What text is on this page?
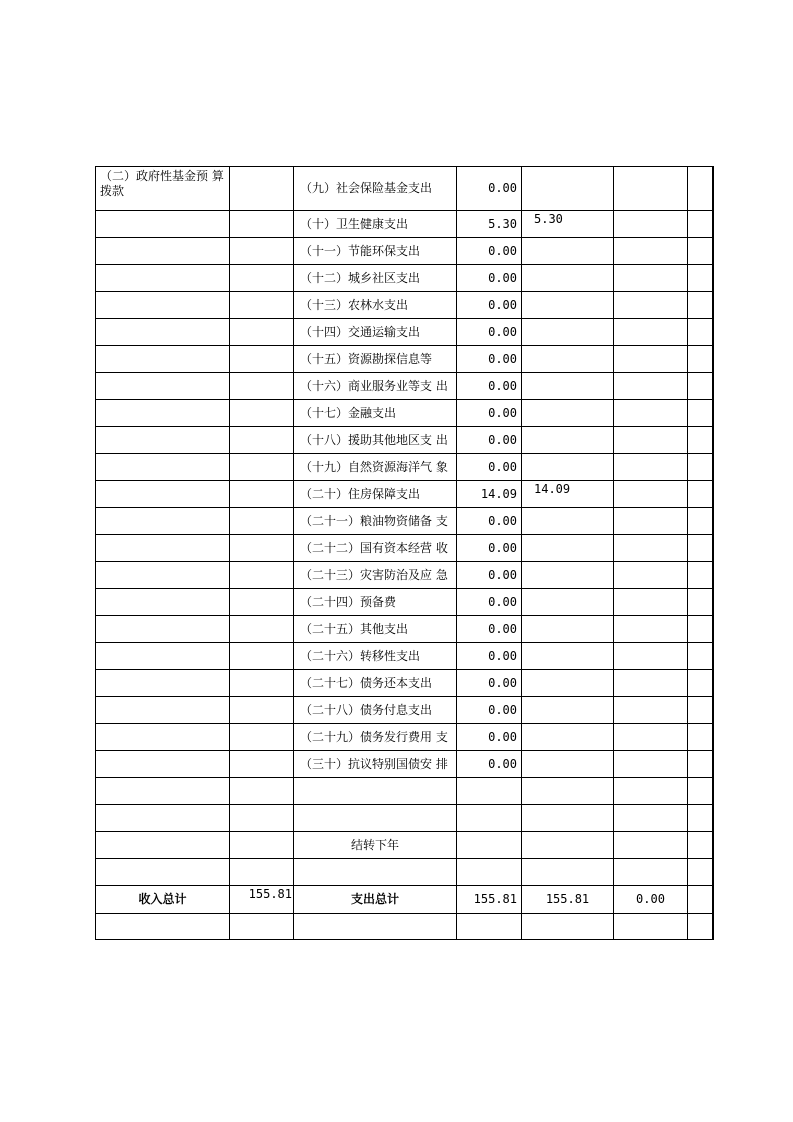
（二）政府性基金预 算拨款		（九）社会保险基金支出	0.00			
		（十）卫生健康支出	5.30	5.30		
		（十一）节能环保支出	0.00			
		（十二）城乡社区支出	0.00			
		（十三）农林水支出	0.00			
		（十四）交通运输支出	0.00			
		（十五）资源勘探信息等	0.00			
		（十六）商业服务业等支 出	0.00			
		（十七）金融支出	0.00			
		（十八）援助其他地区支 出	0.00			
		（十九）自然资源海洋气 象	0.00			
		（二十）住房保障支出	14.09	14.09		
		（二十一）粮油物资储备 支	0.00			
		（二十二）国有资本经营 收	0.00			
		（二十三）灾害防治及应 急	0.00			
		（二十四）预备费	0.00			
		（二十五）其他支出	0.00			
		（二十六）转移性支出	0.00			
		（二十七）债务还本支出	0.00			
		（二十八）债务付息支出	0.00			
		（二十九）债务发行费用 支	0.00			
		（三十）抗议特别国债安 排	0.00			

		结转下年				

收入总计	155.81	支出总计	155.81	155.81	0.00	
